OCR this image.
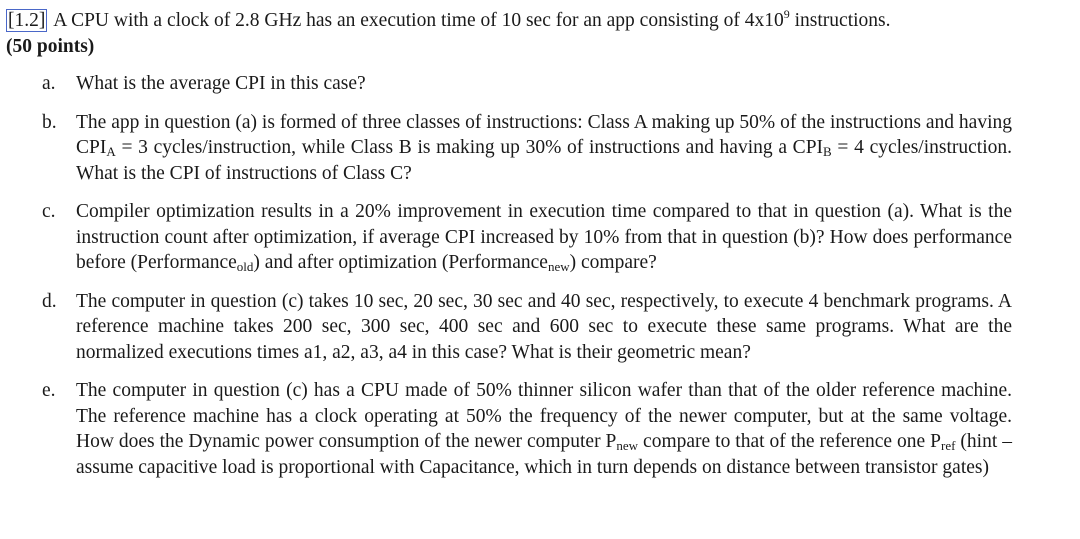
[1.2] A CPU with a clock of 2.8 GHz has an execution time of 10 sec for an app consisting of $4x10^9$ instructions.

(50 points)

a. What is the average CPI in this case?
b. The app in question (a) is formed of three classes of instructions: Class A making up 50% of the instructions and having CPIA = 3 cycles/instruction, while Class B is making up 30% of instructions and having a CPIB = 4 cycles/instruction. What is the CPI of instructions of Class C?
c. Compiler optimization results in a 20% improvement in execution time compared to that in question (a). What is the instruction count after optimization, if average CPI increased by 10% from that in question (b)? How does performance before (Performanceold) and after optimization (Performancenew) compare?
d. The computer in question (c) takes 10 sec, 20 sec, 30 sec and 40 sec, respectively, to execute 4 benchmark programs. A reference machine takes 200 sec, 300 sec, 400 sec and 600 sec to execute these same programs. What are the normalized executions times a1, a2, a3, a4 in this case? What is their geometric mean?
e. The computer in question (c) has a CPU made of 50% thinner silicon wafer than that of the older reference machine. The reference machine has a clock operating at 50% the frequency of the newer computer, but at the same voltage. How does the Dynamic power consumption of the newer computer Pnew compare to that of the reference one Pref (hint – assume capacitive load is proportional with Capacitance, which in turn depends on distance between transistor gates)
